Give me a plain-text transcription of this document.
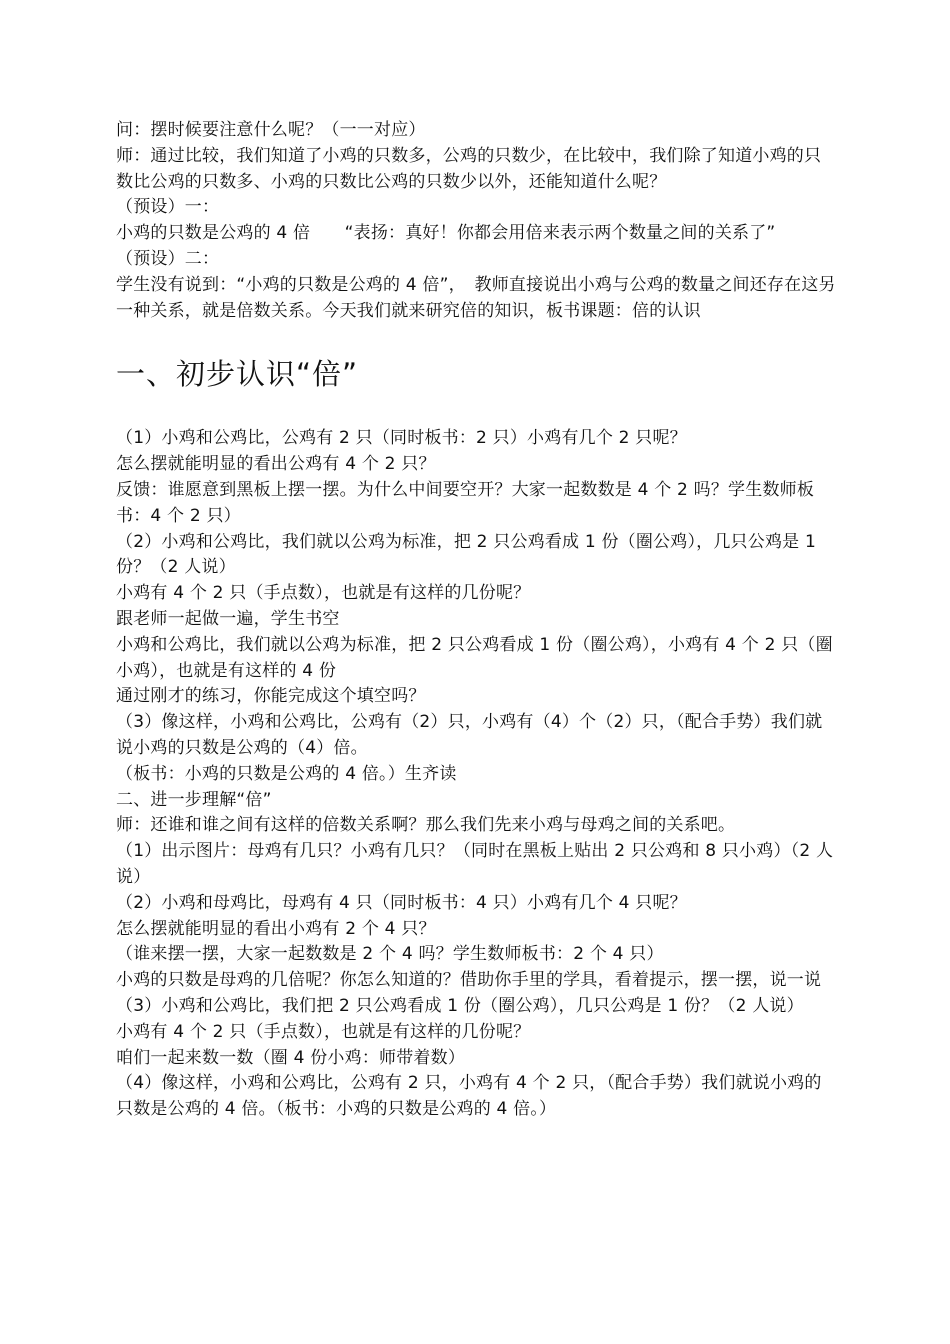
问：摆时候要注意什么呢？（一一对应）

师：通过比较，我们知道了小鸡的只数多，公鸡的只数少，在比较中，我们除了知道小鸡的只数比公鸡的只数多、小鸡的只数比公鸡的只数少以外，还能知道什么呢？

（预设）一：

小鸡的只数是公鸡的 4 倍　　“表扬：真好！你都会用倍来表示两个数量之间的关系了”

（预设）二：

学生没有说到：“小鸡的只数是公鸡的 4 倍”，　教师直接说出小鸡与公鸡的数量之间还存在这另一种关系，就是倍数关系。今天我们就来研究倍的知识，板书课题：倍的认识

一、初步认识“倍”

（1）小鸡和公鸡比，公鸡有 2 只（同时板书：2 只）小鸡有几个 2 只呢？

怎么摆就能明显的看出公鸡有 4 个 2 只？

反馈：谁愿意到黑板上摆一摆。为什么中间要空开？大家一起数数是 4 个 2 吗？学生数师板书：4 个 2 只）

（2）小鸡和公鸡比，我们就以公鸡为标准，把 2 只公鸡看成 1 份（圈公鸡），几只公鸡是 1 份？（2 人说）

小鸡有 4 个 2 只（手点数），也就是有这样的几份呢？

跟老师一起做一遍，学生书空

小鸡和公鸡比，我们就以公鸡为标准，把 2 只公鸡看成 1 份（圈公鸡），小鸡有 4 个 2 只（圈小鸡），也就是有这样的 4 份

通过刚才的练习，你能完成这个填空吗？

（3）像这样，小鸡和公鸡比，公鸡有（2）只，小鸡有（4）个（2）只，（配合手势）我们就说小鸡的只数是公鸡的（4）倍。

（板书：小鸡的只数是公鸡的 4 倍。）生齐读

二、进一步理解“倍”

师：还谁和谁之间有这样的倍数关系啊？那么我们先来小鸡与母鸡之间的关系吧。

（1）出示图片：母鸡有几只？小鸡有几只？（同时在黑板上贴出 2 只公鸡和 8 只小鸡）（2 人说）

（2）小鸡和母鸡比，母鸡有 4 只（同时板书：4 只）小鸡有几个 4 只呢？

怎么摆就能明显的看出小鸡有 2 个 4 只？

（谁来摆一摆，大家一起数数是 2 个 4 吗？学生数师板书：2 个 4 只）

小鸡的只数是母鸡的几倍呢？你怎么知道的？借助你手里的学具，看着提示，摆一摆，说一说

（3）小鸡和公鸡比，我们把 2 只公鸡看成 1 份（圈公鸡），几只公鸡是 1 份？（2 人说）

小鸡有 4 个 2 只（手点数），也就是有这样的几份呢？

咱们一起来数一数（圈 4 份小鸡：师带着数）

（4）像这样，小鸡和公鸡比，公鸡有 2 只，小鸡有 4 个 2 只，（配合手势）我们就说小鸡的只数是公鸡的 4 倍。（板书：小鸡的只数是公鸡的 4 倍。）
